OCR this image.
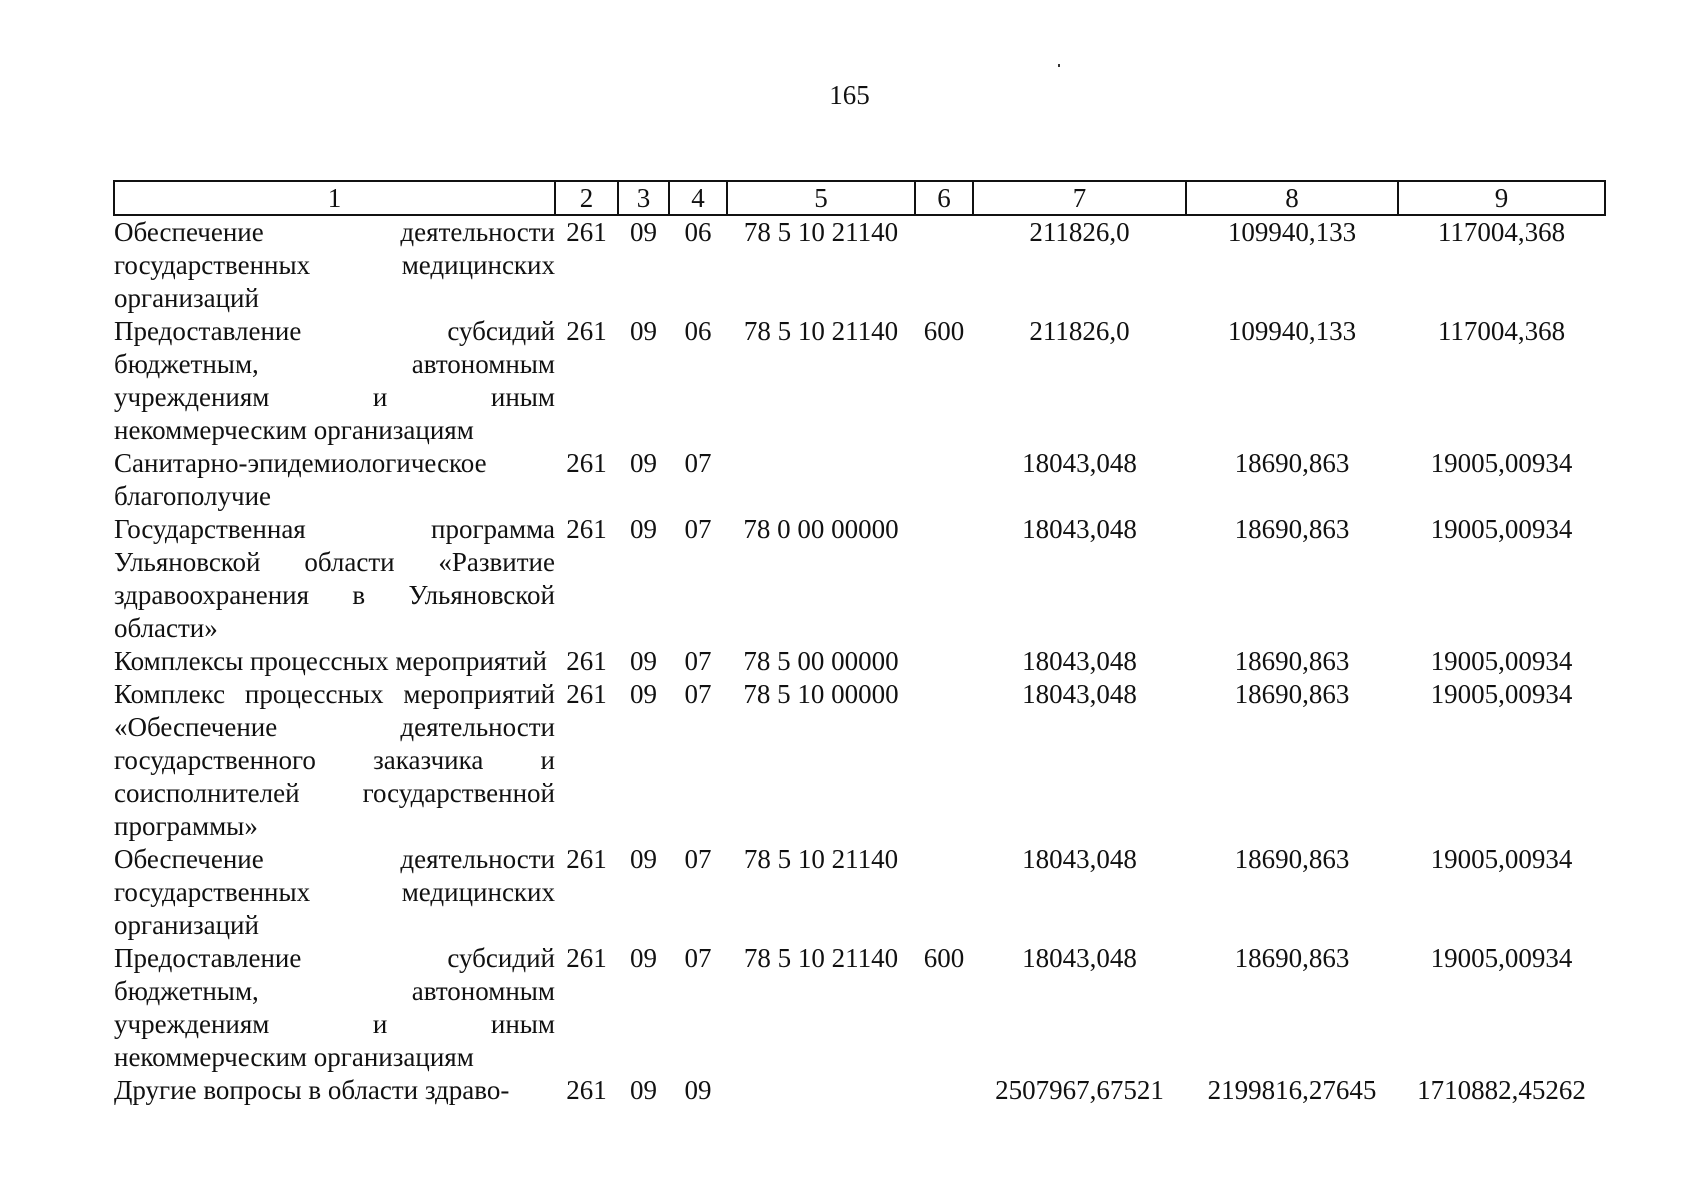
165
1	2	3	4	5	6	7	8	9
Обеспечение деятельности государственных медицинских организаций	261	09	06	78 5 10 21140		211826,0	109940,133	117004,368
Предоставление субсидий бюджетным, автономным учреждениям и иным некоммерческим организациям	261	09	06	78 5 10 21140	600	211826,0	109940,133	117004,368
Санитарно-эпидемиологическое благополучие	261	09	07			18043,048	18690,863	19005,00934
Государственная программа Ульяновской области «Развитие здравоохранения в Ульяновской области»	261	09	07	78 0 00 00000		18043,048	18690,863	19005,00934
Комплексы процессных мероприятий	261	09	07	78 5 00 00000		18043,048	18690,863	19005,00934
Комплекс процессных мероприятий «Обеспечение деятельности государственного заказчика и соисполнителей государственной программы»	261	09	07	78 5 10 00000		18043,048	18690,863	19005,00934
Обеспечение деятельности государственных медицинских организаций	261	09	07	78 5 10 21140		18043,048	18690,863	19005,00934
Предоставление субсидий бюджетным, автономным учреждениям и иным некоммерческим организациям	261	09	07	78 5 10 21140	600	18043,048	18690,863	19005,00934
Другие вопросы в области здраво-	261	09	09			2507967,67521	2199816,27645	1710882,45262
